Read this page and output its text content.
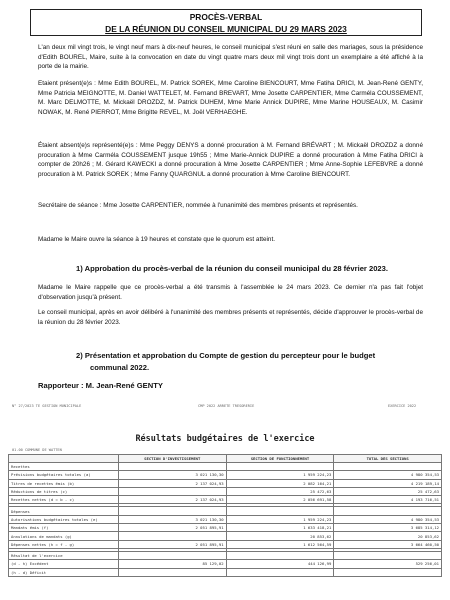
PROCÈS-VERBAL
DE LA RÉUNION DU CONSEIL MUNICIPAL DU 29 MARS 2023

L'an deux mil vingt trois, le vingt neuf mars à dix-neuf heures, le conseil municipal s'est réuni en salle des mariages, sous la présidence d'Edith BOUREL, Maire, suite à la convocation en date du vingt quatre mars deux mil vingt trois dont un exemplaire a été affiché à la porte de la mairie.

Etaient présent(e)s : Mme Edith BOUREL, M. Patrick SOREK, Mme Caroline BIENCOURT, Mme Fatiha DRICI, M. Jean-René GENTY, Mme Patricia MEIGNOTTE, M. Daniel WATTELET, M. Fernand BREVART, Mme Josette CARPENTIER, Mme Carméla COUSSEMENT, M. Marc DELMOTTE, M. Mickaël DROZDZ, M. Patrick DUHEM, Mme Marie Annick DUPIRE, Mme Marine HOUSEAUX, M. Casimir NOWAK, M. René PIERROT, Mme Brigitte REVEL, M. Joël VERHAEGHE.

Étaient absent(e)s représenté(e)s : Mme Peggy DENYS a donné procuration à M. Fernand BRÉVART ; M. Mickaël DROZDZ a donné procuration à Mme Carméla COUSSEMENT jusque 19h55 ; Mme Marie-Annick DUPIRE a donné procuration à Mme Fatiha DRICI à compter de 20h26 ; M. Gérard KAWECKI a donné procuration à Mme Josette CARPENTIER ; Mme Anne-Sophie LEFEBVRE a donné procuration à M. Patrick SOREK ; Mme Fanny QUARGNUL a donné procuration à Mme Caroline BIENCOURT.

Secrétaire de séance : Mme Josette CARPENTIER, nommée à l'unanimité des membres présents et représentés.

Madame le Maire ouvre la séance à 19 heures et constate que le quorum est atteint.

1) Approbation du procès-verbal de la réunion du conseil municipal du 28 février 2023.

Madame le Maire rappelle que ce procès-verbal a été transmis à l'assemblée le 24 mars 2023. Ce dernier n'a pas fait l'objet d'observation jusqu'à présent.

Le conseil municipal, après en avoir délibéré à l'unanimité des membres présents et représentés, décide d'approuver le procès-verbal de la réunion du 28 février 2023.

2) Présentation et approbation du Compte de gestion du percepteur pour le budget
communal 2022.
Rapporteur : M. Jean-René GENTY
N° 27/2023 TE GESTION MUNICIPALE	CMP 2022 ARRETE TRESORERIE	EXERCICE 2022
Résultats budgétaires de l'exercice
01.00 COMMUNE DE WATTEN
	SECTION D'INVESTISSEMENT	SECTION DE FONCTIONNEMENT	TOTAL DES SECTIONS
Recettes			
Prévisions budgétaires totales (a)	3 021 130,30	1 959 224,23	4 980 354,53
Titres de recettes émis (b)	2 137 024,93	2 082 164,21	4 219 189,14
Réductions de titres (c)		25 472,63	25 472,63
Recettes nettes (d = b - c)	2 137 024,93	2 056 691,58	4 193 716,51

Dépenses			
Autorisations budgétaires totales (e)	3 021 130,30	1 959 224,23	4 980 354,53
Mandats émis (f)	2 051 895,91	1 633 418,21	3 685 314,12
Annulations de mandats (g)		20 853,62	20 853,62
Dépenses nettes (h = f - g)	2 051 895,91	1 612 564,59	3 664 460,50

Résultat de l'exercice			
(d - h) Excédent	85 129,02	444 126,99	529 256,01
(h - d) Déficit			
